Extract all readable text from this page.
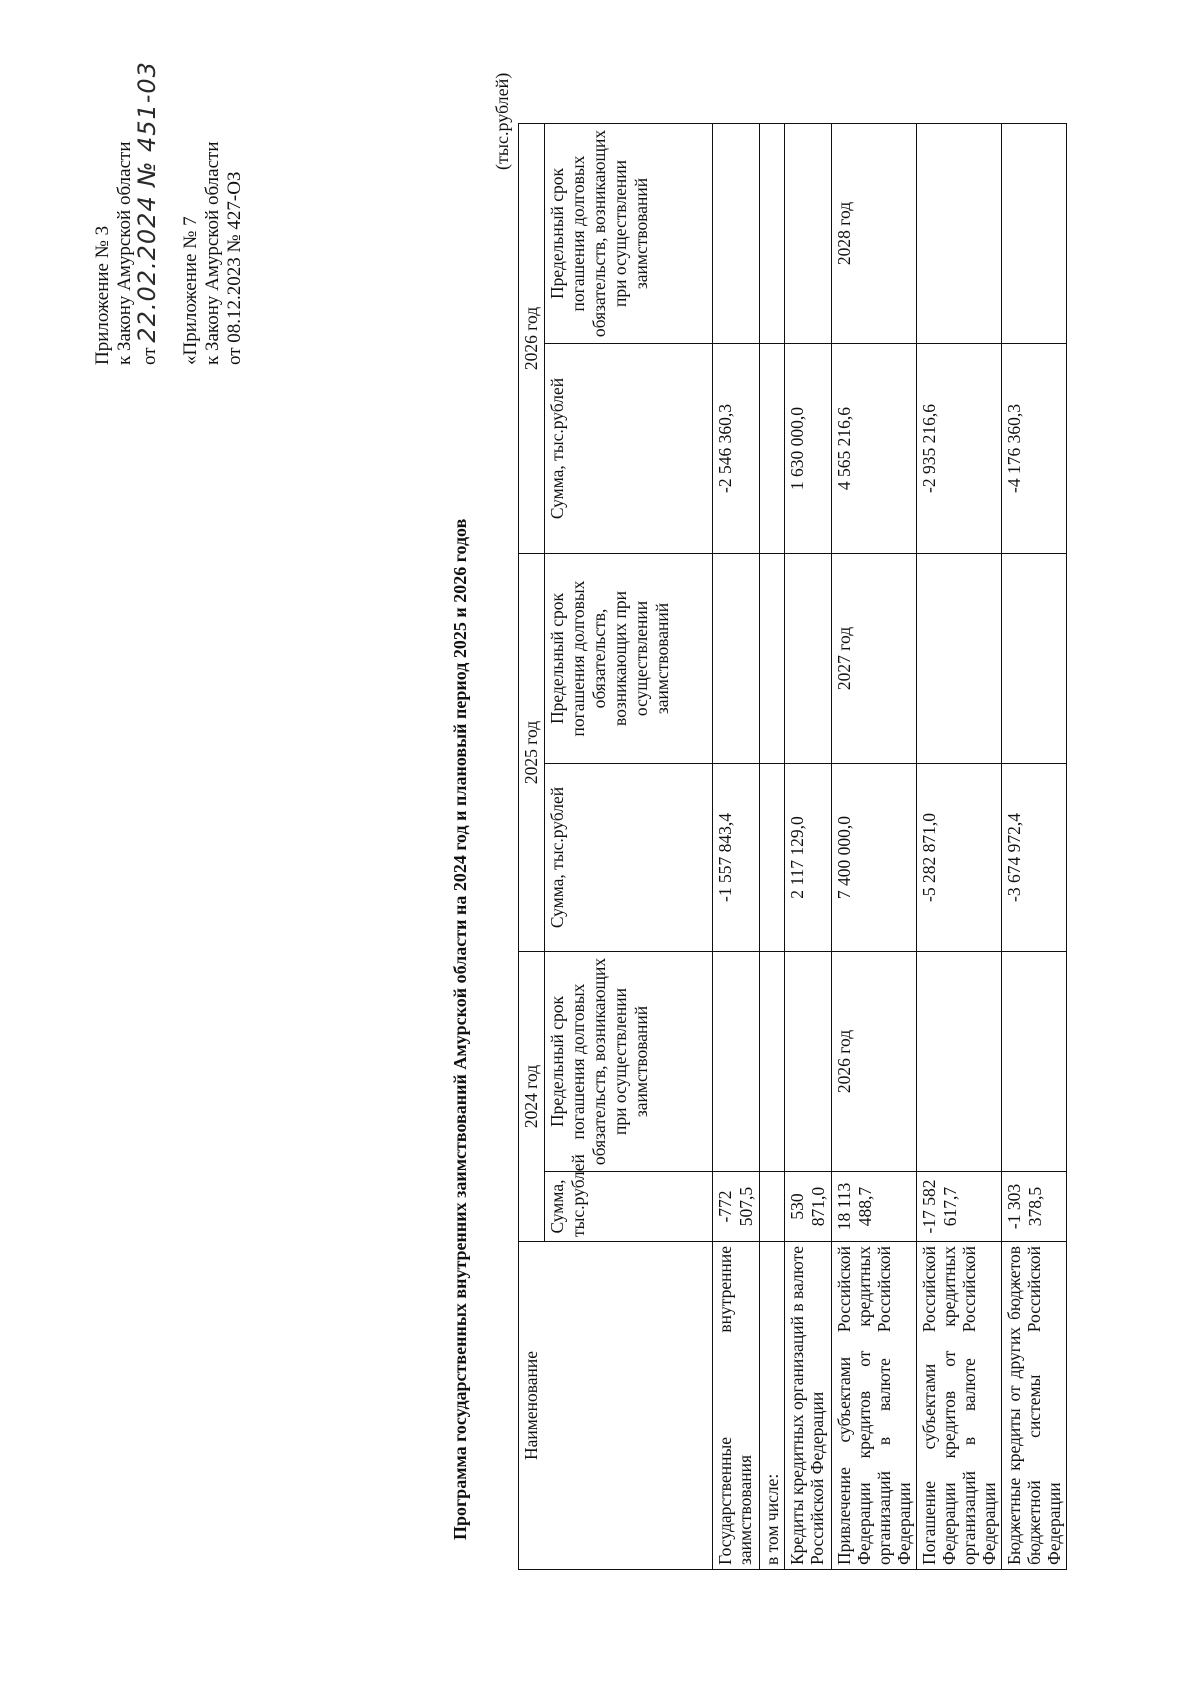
Приложение № 3 к Закону Амурской области от 22.02.2024 № 451-03 «Приложение № 7 к Закону Амурской области от 08.12.2023 № 427-ОЗ
Программа государственных внутренних заимствований Амурской области на 2024 год и плановый период 2025 и 2026 годов
(тыс.рублей)
Наименование	2024 год		2025 год		2026 год	
	Сумма, тыс.рублей	Предельный срок погашения долговых обязательств, возникающих при осуществлении заимствований	Сумма, тыс.рублей	Предельный срок погашения долговых обязательств, возникающих при осуществлении заимствований	Сумма, тыс.рублей	Предельный срок погашения долговых обязательств, возникающих при осуществлении заимствований
Государственные внутренние заимствования	-772 507,5		-1 557 843,4		-2 546 360,3	
в том числе:						
Кредиты кредитных организаций в валюте Российской Федерации	530 871,0		2 117 129,0		1 630 000,0	
Привлечение субъектами Российской Федерации кредитов от кредитных организаций в валюте Российской Федерации	18 113 488,7	2026 год	7 400 000,0	2027 год	4 565 216,6	2028 год
Погашение субъектами Российской Федерации кредитов от кредитных организаций в валюте Российской Федерации	-17 582 617,7		-5 282 871,0		-2 935 216,6	
Бюджетные кредиты от других бюджетов бюджетной системы Российской Федерации	-1 303 378,5		-3 674 972,4		-4 176 360,3	
